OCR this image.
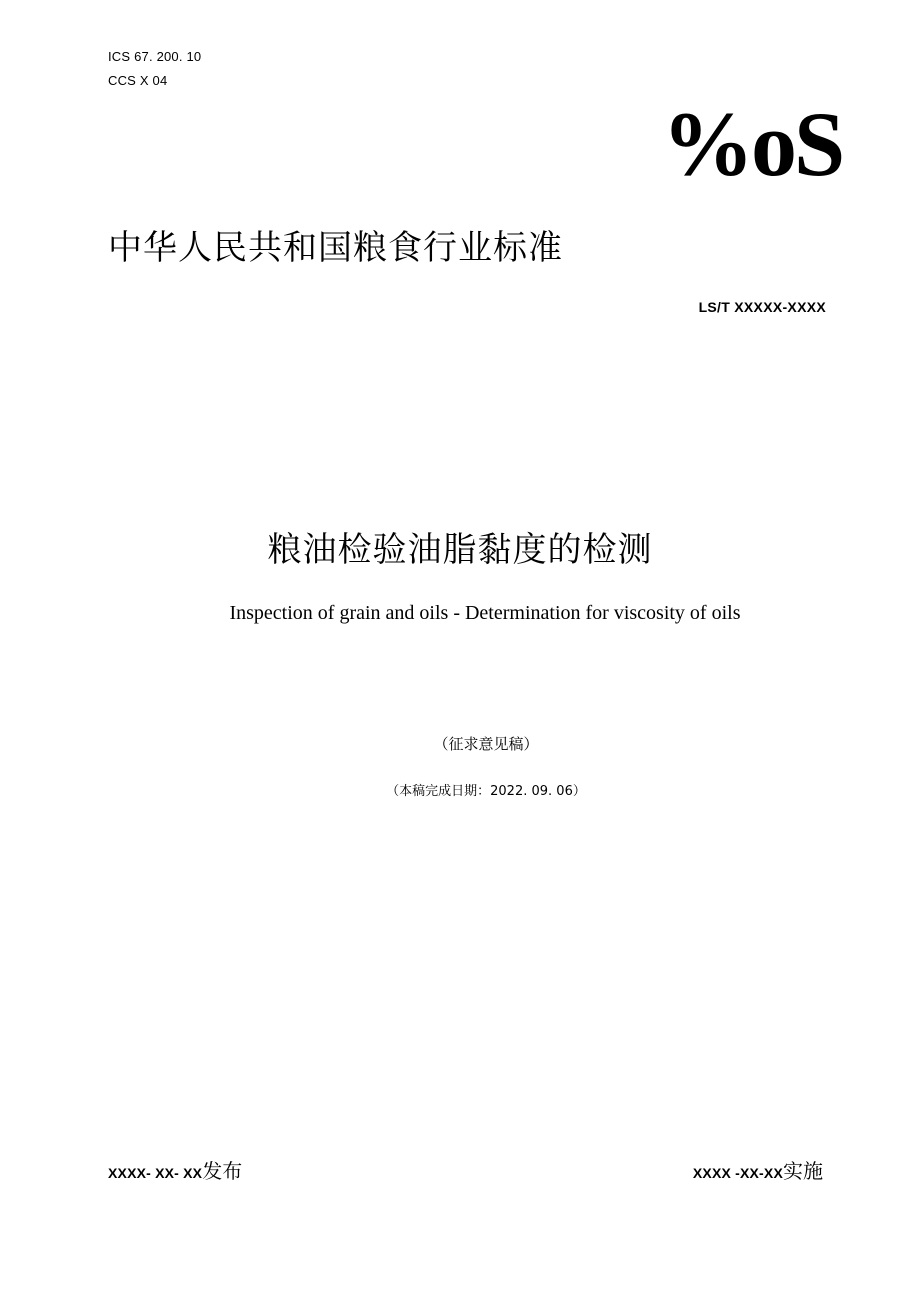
ICS 67. 200. 10
CCS X 04
%oS
中华人民共和国粮食行业标准
LS/T XXXXX-XXXX
粮油检验油脂黏度的检测
Inspection of grain and oils - Determination for viscosity of oils
（征求意见稿）
（本稿完成日期：2022. 09. 06）
XXXX- XX- XX发布	XXXX -XX-XX实施
